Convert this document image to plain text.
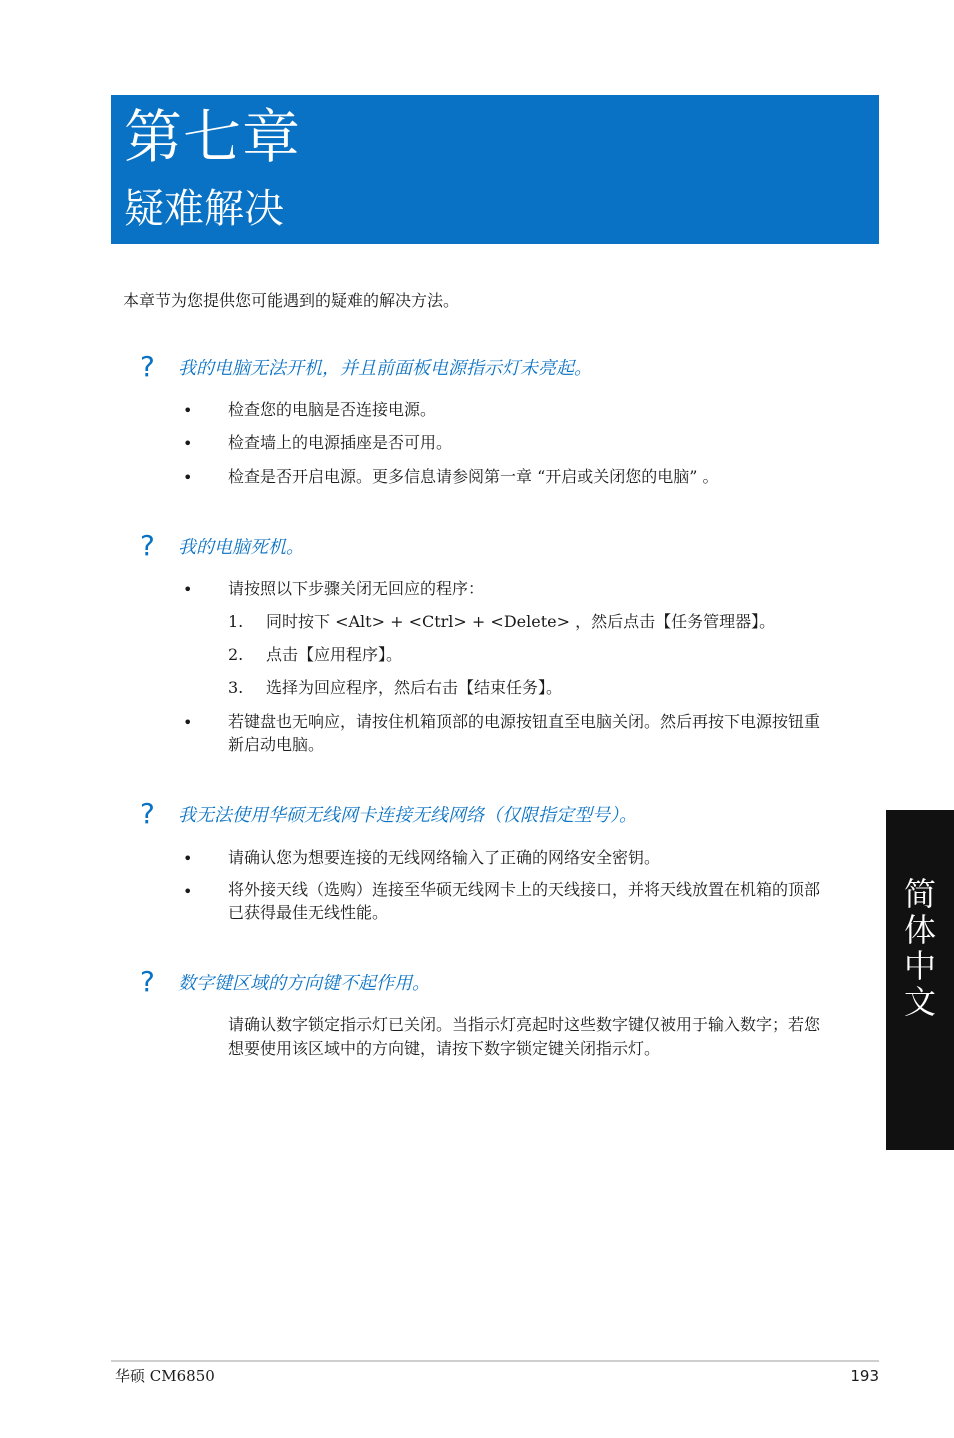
第七章
疑难解决
本章节为您提供您可能遇到的疑难的解决方法。
? 我的电脑无法开机，并且前面板电源指示灯未亮起。
• 检查您的电脑是否连接电源。
• 检查墙上的电源插座是否可用。
• 检查是否开启电源。更多信息请参阅第一章 “开启或关闭您的电脑” 。
? 我的电脑死机。
• 请按照以下步骤关闭无回应的程序：
1. 同时按下 <Alt> + <Ctrl> + <Delete> ，然后点击【任务管理器】。
2. 点击【应用程序】。
3. 选择为回应程序，然后右击【结束任务】。
• 若键盘也无响应，请按住机箱顶部的电源按钮直至电脑关闭。然后再按下电源按钮重新启动电脑。
? 我无法使用华硕无线网卡连接无线网络（仅限指定型号）。
• 请确认您为想要连接的无线网络输入了正确的网络安全密钥。
• 将外接天线（选购）连接至华硕无线网卡上的天线接口，并将天线放置在机箱的顶部已获得最佳无线性能。
? 数字键区域的方向键不起作用。
请确认数字锁定指示灯已关闭。当指示灯亮起时这些数字键仅被用于输入数字；若您想要使用该区域中的方向键，请按下数字锁定键关闭指示灯。
简
体
中
文
华硕 CM6850	193
